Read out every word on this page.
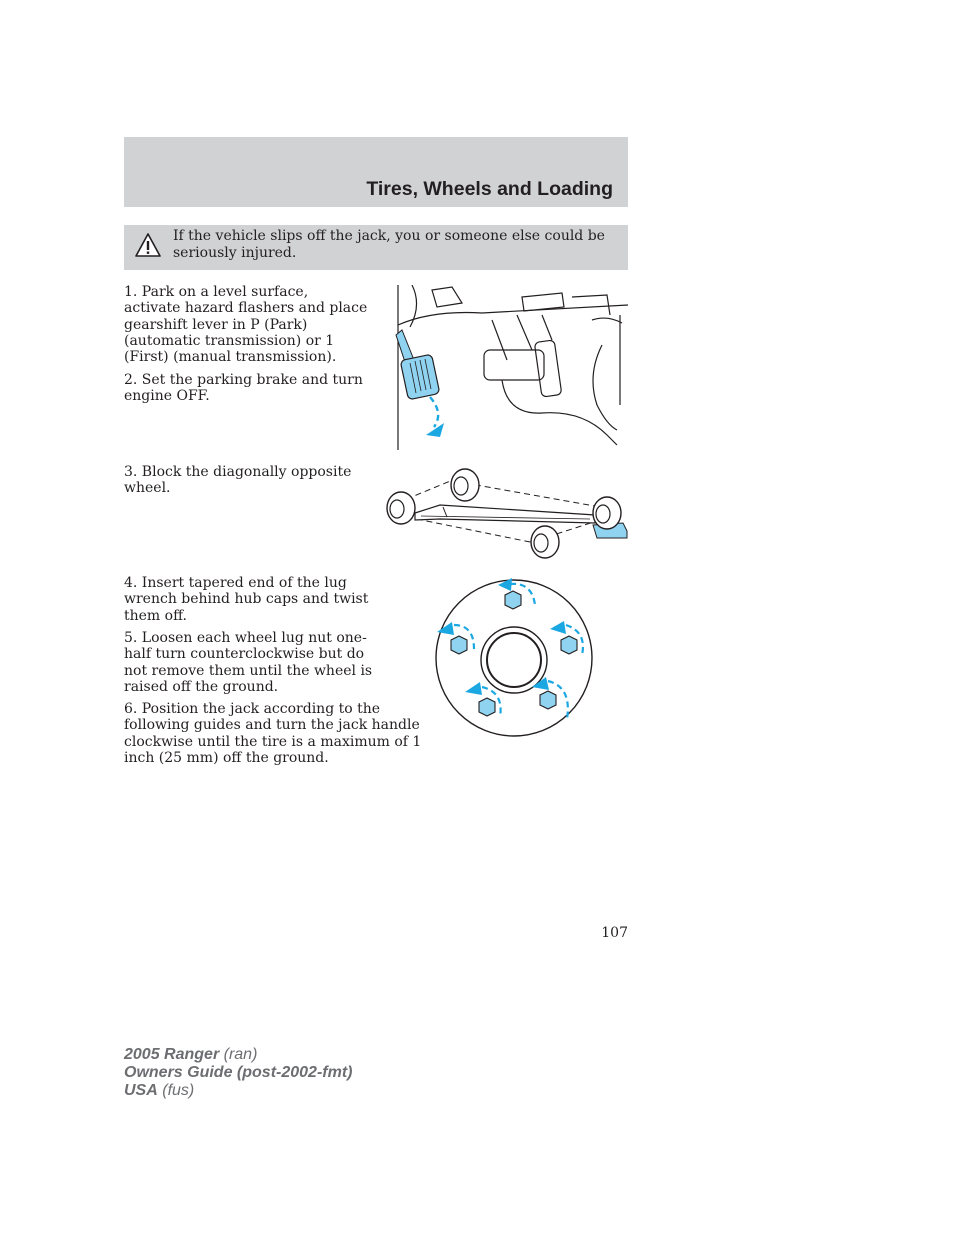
Tires, Wheels and Loading
If the vehicle slips off the jack, you or someone else could be seriously injured.

1. Park on a level surface, activate hazard flashers and place gearshift lever in P (Park) (automatic transmission) or 1 (First) (manual transmission).

2. Set the parking brake and turn engine OFF.

3. Block the diagonally opposite wheel.

4. Insert tapered end of the lug wrench behind hub caps and twist them off.

5. Loosen each wheel lug nut one-half turn counterclockwise but do not remove them until the wheel is raised off the ground.

6. Position the jack according to the following guides and turn the jack handle clockwise until the tire is a maximum of 1 inch (25 mm) off the ground.

107
2005 Ranger (ran)
Owners Guide (post-2002-fmt)
USA (fus)
